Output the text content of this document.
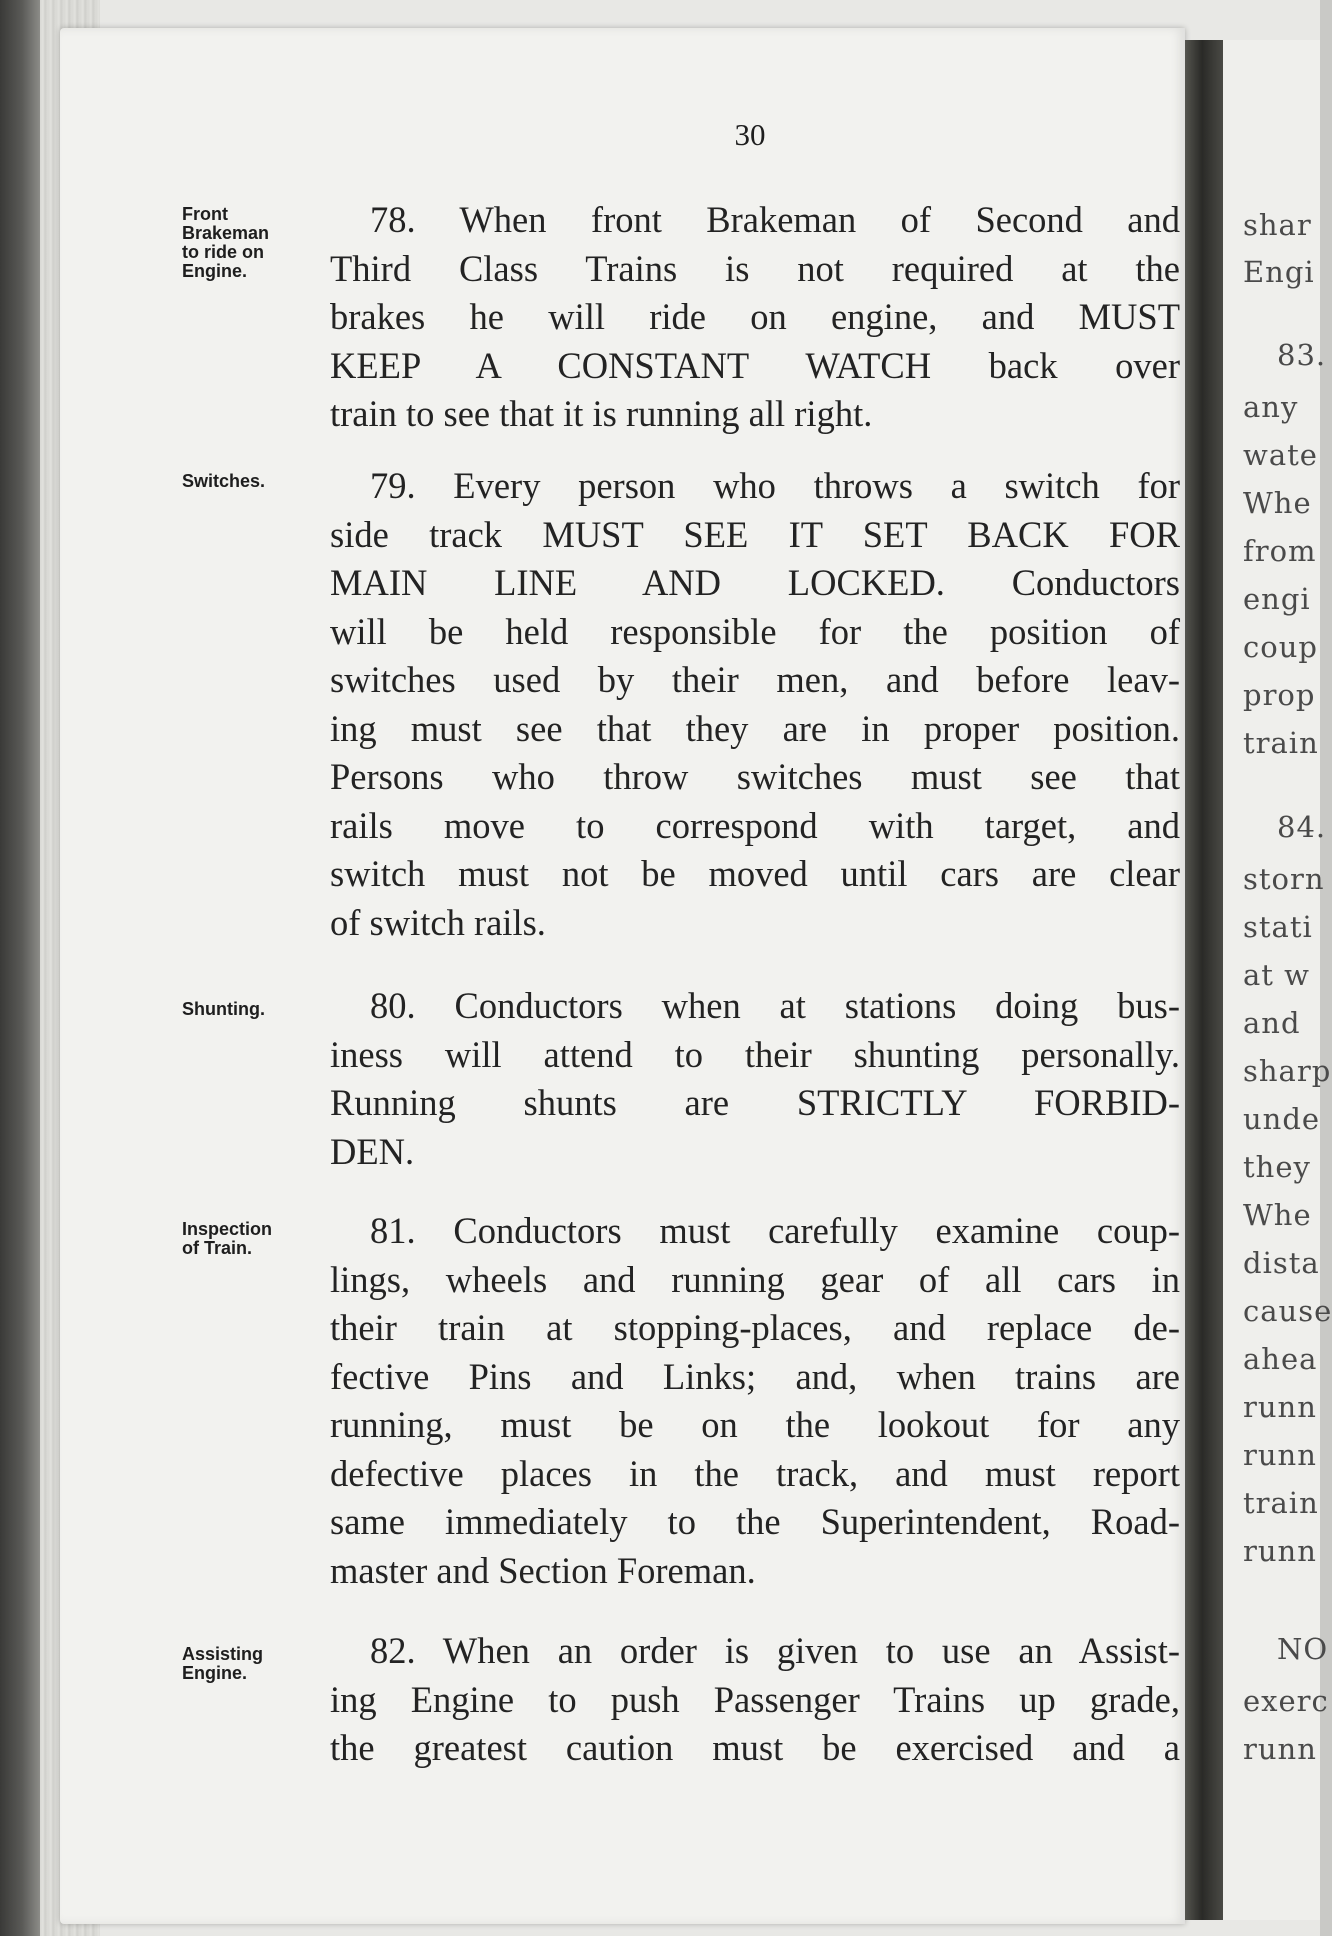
30
Front
Brakeman
to ride on
Engine.
Switches.
Shunting.
Inspection
of Train.
Assisting
Engine.
78. When front Brakeman of Second and
Third Class Trains is not required at the
brakes he will ride on engine, and MUST
KEEP A CONSTANT WATCH back over
train to see that it is running all right.
79. Every person who throws a switch for
side track MUST SEE IT SET BACK FOR
MAIN LINE AND LOCKED. Conductors
will be held responsible for the position of
switches used by their men, and before leav-
ing must see that they are in proper position.
Persons who throw switches must see that
rails move to correspond with target, and
switch must not be moved until cars are clear
of switch rails.
80. Conductors when at stations doing bus-
iness will attend to their shunting personally.
Running shunts are STRICTLY FORBID-
DEN.
81. Conductors must carefully examine coup-
lings, wheels and running gear of all cars in
their train at stopping-places, and replace de-
fective Pins and Links; and, when trains are
running, must be on the lookout for any
defective places in the track, and must report
same immediately to the Superintendent, Road-
master and Section Foreman.
82. When an order is given to use an Assist-
ing Engine to push Passenger Trains up grade,
the greatest caution must be exercised and a
shar
Engi
83.
any
wate
Whe
from
engi
coup
prop
train
84.
storn
stati
at w
and
sharp
unde
they
Whe
dista
cause
ahea
runn
runn
train
runn
NO
exerc
runn
